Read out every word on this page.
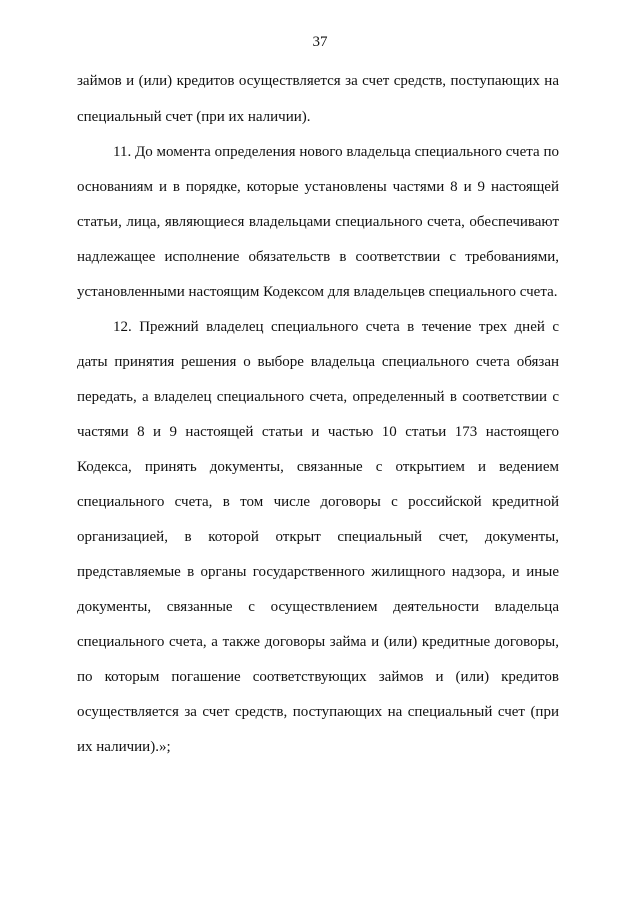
37
займов и (или) кредитов осуществляется за счет средств, поступающих на
специальный счет (при их наличии).
11. До момента определения нового владельца специального счета по
основаниям и в порядке, которые установлены частями 8 и 9 настоящей
статьи, лица, являющиеся владельцами специального счета, обеспечивают
надлежащее исполнение обязательств в соответствии с требованиями,
установленными настоящим Кодексом для владельцев специального счета.
12. Прежний владелец специального счета в течение трех дней с
даты принятия решения о выборе владельца специального счета обязан
передать, а владелец специального счета, определенный в соответствии с
частями 8 и 9 настоящей статьи и частью 10 статьи 173 настоящего
Кодекса, принять документы, связанные с открытием и ведением
специального счета, в том числе договоры с российской кредитной
организацией, в которой открыт специальный счет, документы,
представляемые в органы государственного жилищного надзора, и иные
документы, связанные с осуществлением деятельности владельца
специального счета, а также договоры займа и (или) кредитные договоры,
по которым погашение соответствующих займов и (или) кредитов
осуществляется за счет средств, поступающих на специальный счет (при
их наличии).»;
